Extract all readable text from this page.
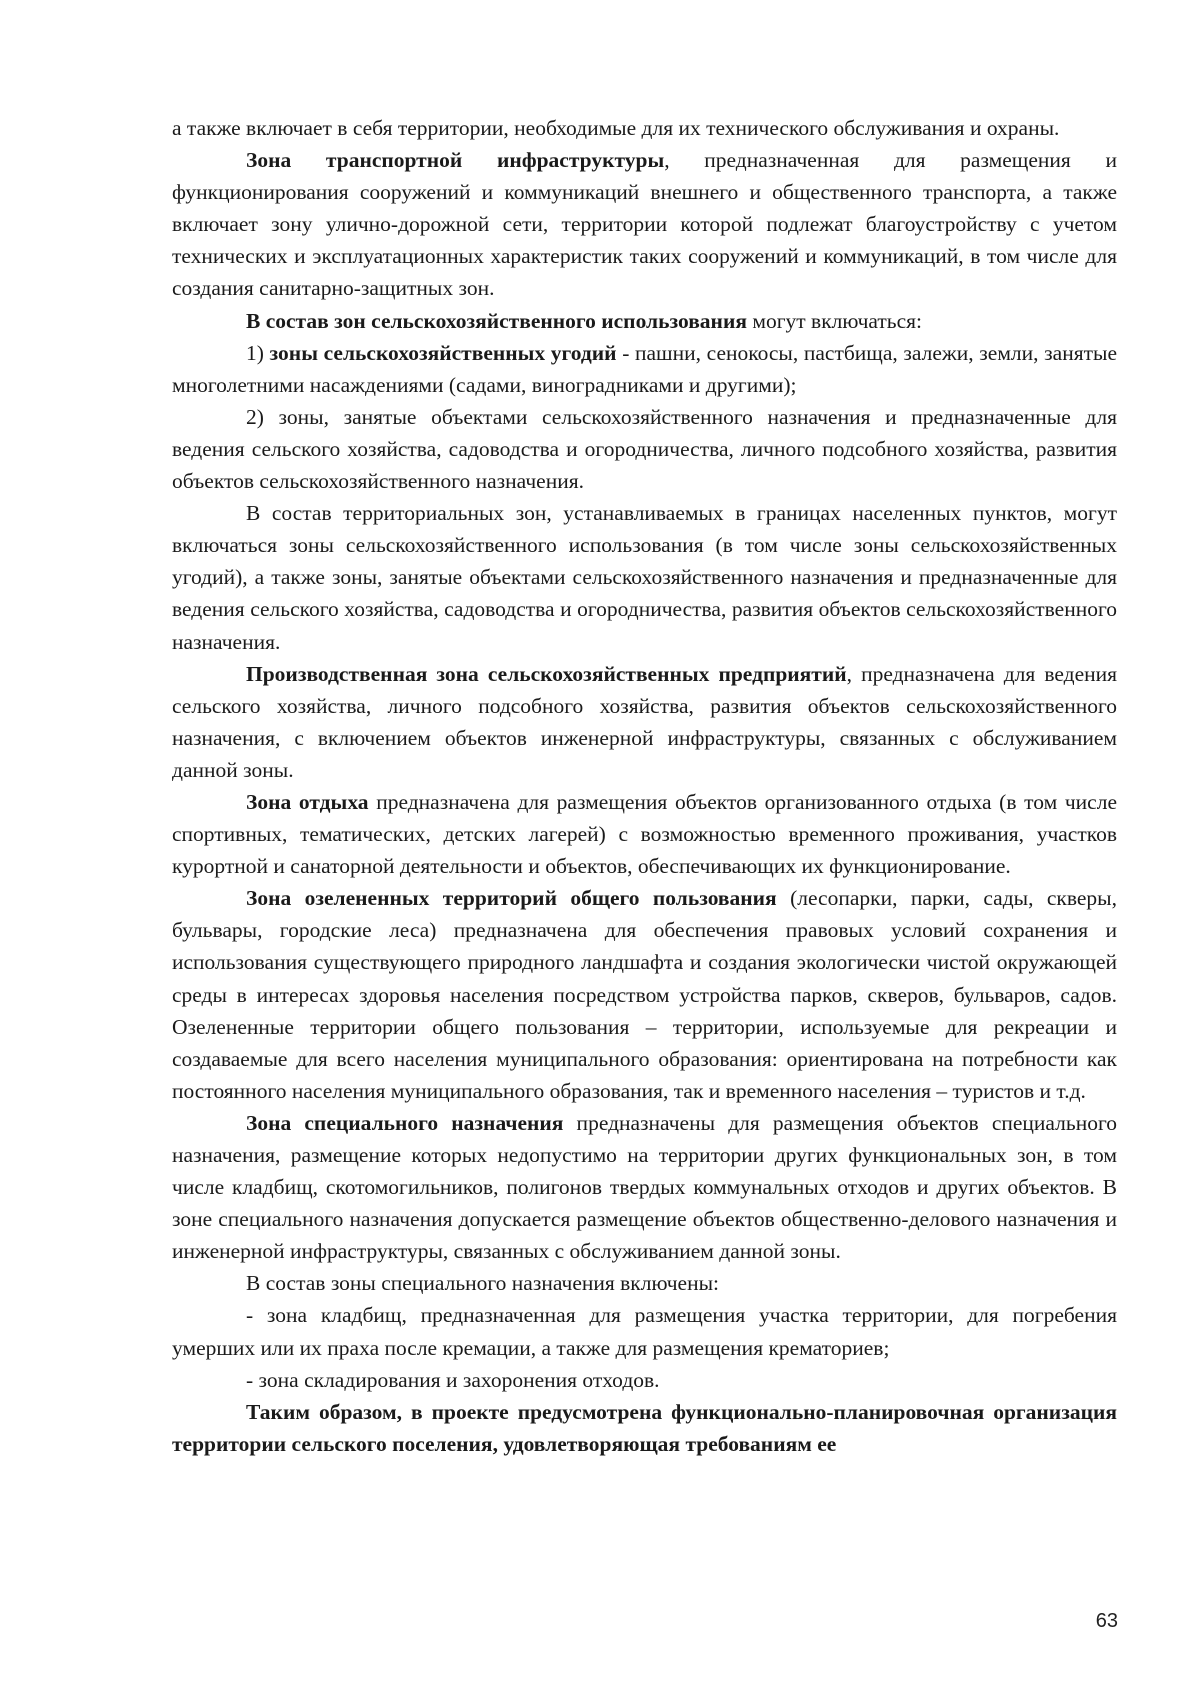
а также включает в себя территории, необходимые для их технического обслуживания и охраны.

Зона транспортной инфраструктуры, предназначенная для размещения и функционирования сооружений и коммуникаций внешнего и общественного транспорта, а также включает зону улично-дорожной сети, территории которой подлежат благоустройству с учетом технических и эксплуатационных характеристик таких сооружений и коммуникаций, в том числе для создания санитарно-защитных зон.

В состав зон сельскохозяйственного использования могут включаться:

1) зоны сельскохозяйственных угодий - пашни, сенокосы, пастбища, залежи, земли, занятые многолетними насаждениями (садами, виноградниками и другими);

2) зоны, занятые объектами сельскохозяйственного назначения и предназначенные для ведения сельского хозяйства, садоводства и огородничества, личного подсобного хозяйства, развития объектов сельскохозяйственного назначения.

В состав территориальных зон, устанавливаемых в границах населенных пунктов, могут включаться зоны сельскохозяйственного использования (в том числе зоны сельскохозяйственных угодий), а также зоны, занятые объектами сельскохозяйственного назначения и предназначенные для ведения сельского хозяйства, садоводства и огородничества, развития объектов сельскохозяйственного назначения.

Производственная зона сельскохозяйственных предприятий, предназначена для ведения сельского хозяйства, личного подсобного хозяйства, развития объектов сельскохозяйственного назначения, с включением объектов инженерной инфраструктуры, связанных с обслуживанием данной зоны.

Зона отдыха предназначена для размещения объектов организованного отдыха (в том числе спортивных, тематических, детских лагерей) с возможностью временного проживания, участков курортной и санаторной деятельности и объектов, обеспечивающих их функционирование.

Зона озелененных территорий общего пользования (лесопарки, парки, сады, скверы, бульвары, городские леса) предназначена для обеспечения правовых условий сохранения и использования существующего природного ландшафта и создания экологически чистой окружающей среды в интересах здоровья населения посредством устройства парков, скверов, бульваров, садов. Озелененные территории общего пользования – территории, используемые для рекреации и создаваемые для всего населения муниципального образования: ориентирована на потребности как постоянного населения муниципального образования, так и временного населения – туристов и т.д.

Зона специального назначения предназначены для размещения объектов специального назначения, размещение которых недопустимо на территории других функциональных зон, в том числе кладбищ, скотомогильников, полигонов твердых коммунальных отходов и других объектов. В зоне специального назначения допускается размещение объектов общественно-делового назначения и инженерной инфраструктуры, связанных с обслуживанием данной зоны.

В состав зоны специального назначения включены:

- зона кладбищ, предназначенная для размещения участка территории, для погребения умерших или их праха после кремации, а также для размещения крематориев;

- зона складирования и захоронения отходов.

Таким образом, в проекте предусмотрена функционально-планировочная организация территории сельского поселения, удовлетворяющая требованиям ее

63
